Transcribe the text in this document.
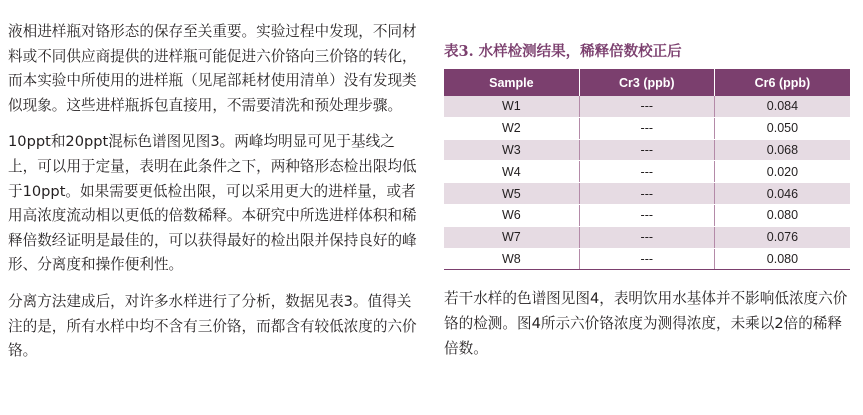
液相进样瓶对铬形态的保存至关重要。实验过程中发现，不同材料或不同供应商提供的进样瓶可能促进六价铬向三价铬的转化，而本实验中所使用的进样瓶（见尾部耗材使用清单）没有发现类似现象。这些进样瓶拆包直接用，不需要清洗和预处理步骤。

10ppt和20ppt混标色谱图见图3。两峰均明显可见于基线之上，可以用于定量，表明在此条件之下，两种铬形态检出限均低于10ppt。如果需要更低检出限，可以采用更大的进样量，或者用高浓度流动相以更低的倍数稀释。本研究中所选进样体积和稀释倍数经证明是最佳的，可以获得最好的检出限并保持良好的峰形、分离度和操作便利性。

分离方法建成后，对许多水样进行了分析，数据见表3。值得关注的是，所有水样中均不含有三价铬，而都含有较低浓度的六价铬。

表3. 水样检测结果，稀释倍数校正后
Sample	Cr3 (ppb)	Cr6 (ppb)
W1	---	0.084
W2	---	0.050
W3	---	0.068
W4	---	0.020
W5	---	0.046
W6	---	0.080
W7	---	0.076
W8	---	0.080

若干水样的色谱图见图4，表明饮用水基体并不影响低浓度六价铬的检测。图4所示六价铬浓度为测得浓度，未乘以2倍的稀释倍数。
